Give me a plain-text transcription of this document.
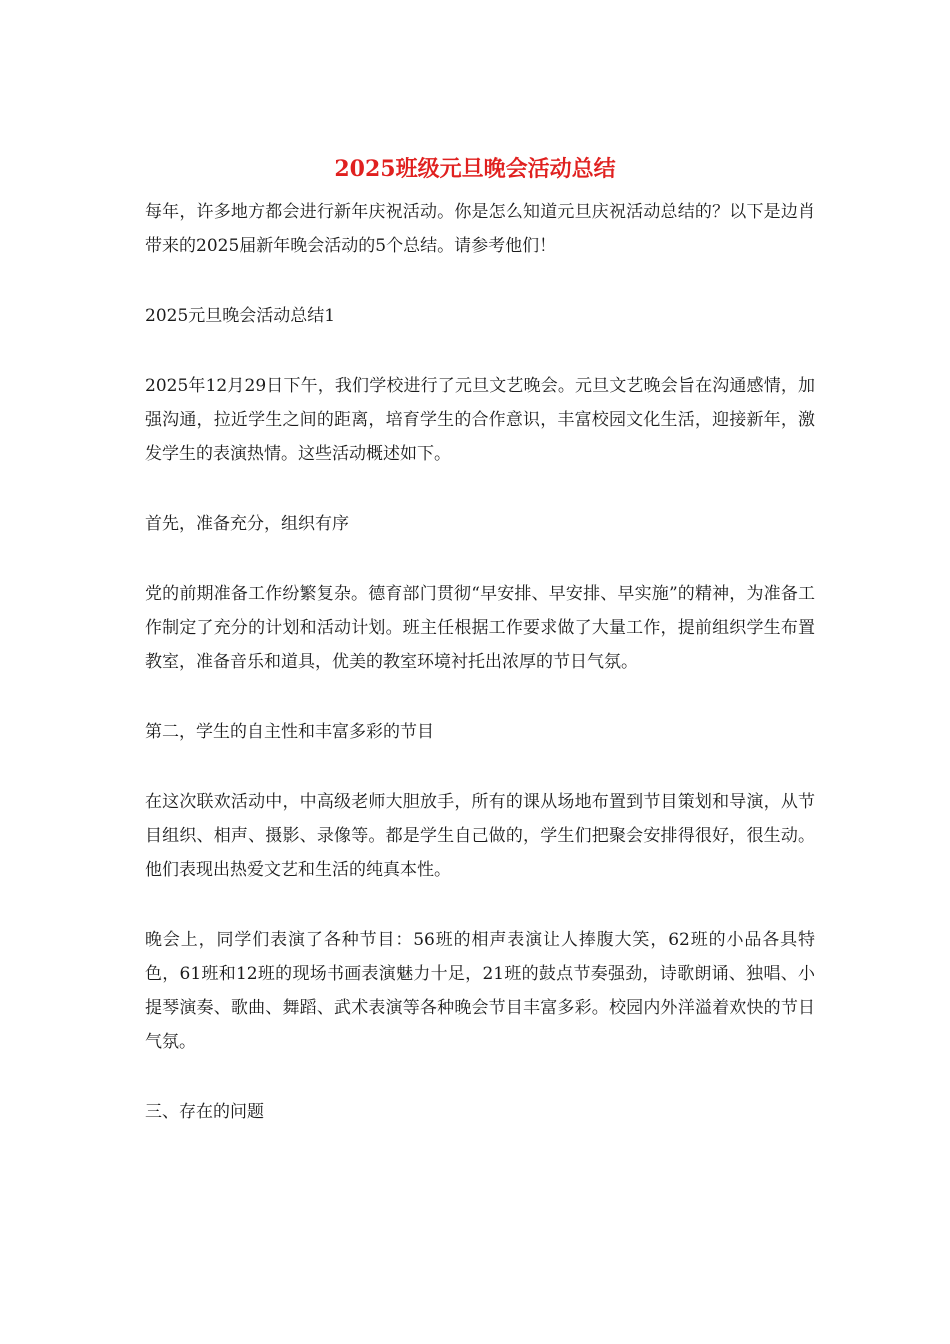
2025班级元旦晚会活动总结

每年，许多地方都会进行新年庆祝活动。你是怎么知道元旦庆祝活动总结的？以下是边肖带来的2025届新年晚会活动的5个总结。请参考他们！

2025元旦晚会活动总结1

2025年12月29日下午，我们学校进行了元旦文艺晚会。元旦文艺晚会旨在沟通感情，加强沟通，拉近学生之间的距离，培育学生的合作意识，丰富校园文化生活，迎接新年，激发学生的表演热情。这些活动概述如下。

首先，准备充分，组织有序

党的前期准备工作纷繁复杂。德育部门贯彻“早安排、早安排、早实施”的精神，为准备工作制定了充分的计划和活动计划。班主任根据工作要求做了大量工作，提前组织学生布置教室，准备音乐和道具，优美的教室环境衬托出浓厚的节日气氛。

第二，学生的自主性和丰富多彩的节目

在这次联欢活动中，中高级老师大胆放手，所有的课从场地布置到节目策划和导演，从节目组织、相声、摄影、录像等。都是学生自己做的，学生们把聚会安排得很好，很生动。他们表现出热爱文艺和生活的纯真本性。

晚会上，同学们表演了各种节目：56班的相声表演让人捧腹大笑，62班的小品各具特色，61班和12班的现场书画表演魅力十足，21班的鼓点节奏强劲，诗歌朗诵、独唱、小提琴演奏、歌曲、舞蹈、武术表演等各种晚会节目丰富多彩。校园内外洋溢着欢快的节日气氛。

三、存在的问题
